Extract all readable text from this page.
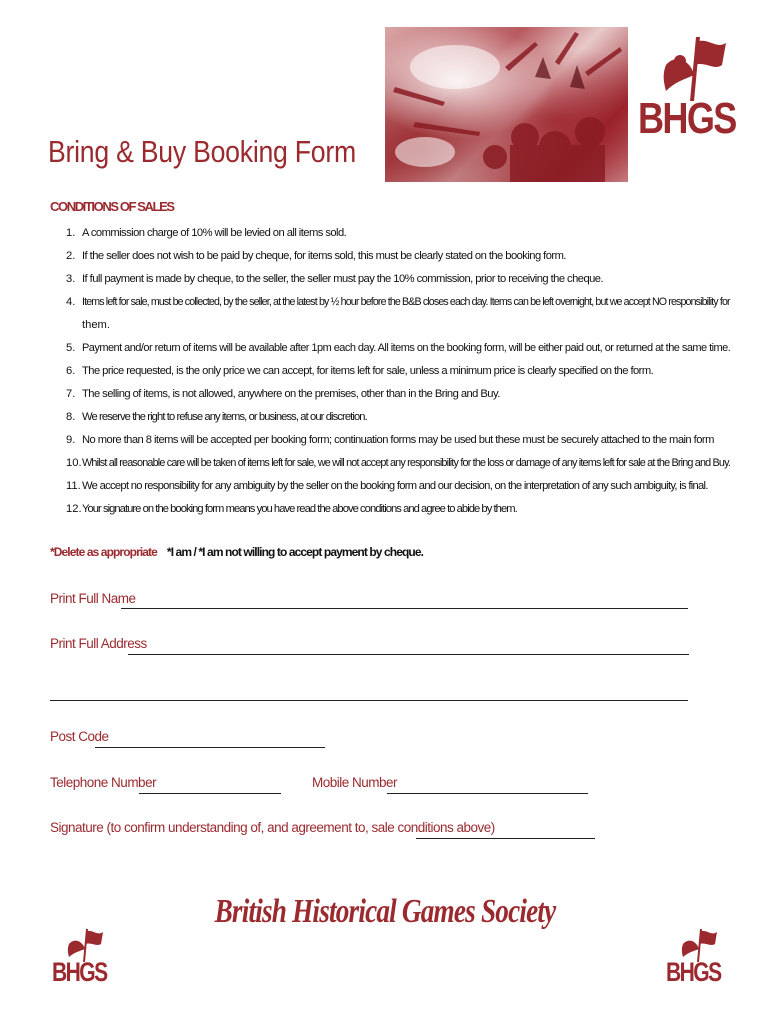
BHGS
Bring & Buy Booking Form
CONDITIONS OF SALES
1. A commission charge of 10% will be levied on all items sold.
2. If the seller does not wish to be paid by cheque, for items sold, this must be clearly stated on the booking form.
3. If full payment is made by cheque, to the seller, the seller must pay the 10% commission, prior to receiving the cheque.
4. Items left for sale, must be collected, by the seller, at the latest by ½ hour before the B&B closes each day. Items can be left overnight, but we accept NO responsibility for
them.
5. Payment and/or return of items will be available after 1pm each day. All items on the booking form, will be either paid out, or returned at the same time.
6. The price requested, is the only price we can accept, for items left for sale, unless a minimum price is clearly specified on the form.
7. The selling of items, is not allowed, anywhere on the premises, other than in the Bring and Buy.
8. We reserve the right to refuse any items, or business, at our discretion.
9. No more than 8 items will be accepted per booking form; continuation forms may be used but these must be securely attached to the main form
10. Whilst all reasonable care will be taken of items left for sale, we will not accept any responsibility for the loss or damage of any items left for sale at the Bring and Buy.
11. We accept no responsibility for any ambiguity by the seller on the booking form and our decision, on the interpretation of any such ambiguity, is final.
12. Your signature on the booking form means you have read the above conditions and agree to abide by them.
*Delete as appropriate *I am / *I am not willing to accept payment by cheque.
Print Full Name
Print Full Address
Post Code
Telephone Number	Mobile Number
Signature (to confirm understanding of, and agreement to, sale conditions above)
British Historical Games Society
BHGS	BHGS
